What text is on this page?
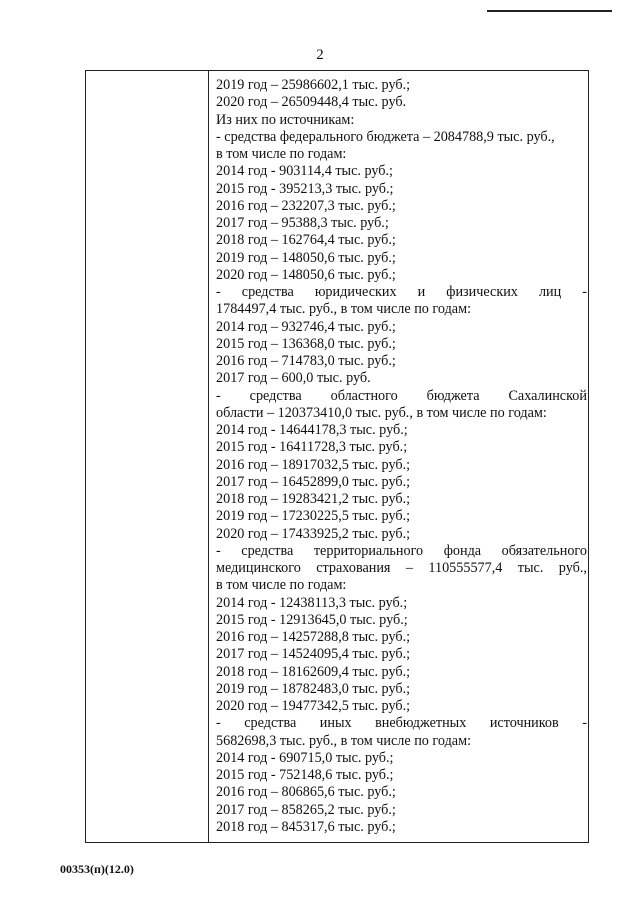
2
2019 год – 25986602,1 тыс. руб.;
2020 год – 26509448,4 тыс. руб.
Из них по источникам:
- средства федерального бюджета – 2084788,9 тыс. руб.,
в том числе по годам:
2014 год - 903114,4 тыс. руб.;
2015 год - 395213,3 тыс. руб.;
2016 год – 232207,3 тыс. руб.;
2017 год – 95388,3 тыс. руб.;
2018 год – 162764,4 тыс. руб.;
2019 год – 148050,6 тыс. руб.;
2020 год – 148050,6 тыс. руб.;
- средства юридических и физических лиц -
1784497,4 тыс. руб., в том числе по годам:
2014 год – 932746,4 тыс. руб.;
2015 год – 136368,0 тыс. руб.;
2016 год – 714783,0 тыс. руб.;
2017 год – 600,0 тыс. руб.
- средства областного бюджета Сахалинской
области – 120373410,0 тыс. руб., в том числе по годам:
2014 год - 14644178,3 тыс. руб.;
2015 год - 16411728,3 тыс. руб.;
2016 год – 18917032,5 тыс. руб.;
2017 год – 16452899,0 тыс. руб.;
2018 год – 19283421,2 тыс. руб.;
2019 год – 17230225,5 тыс. руб.;
2020 год – 17433925,2 тыс. руб.;
- средства территориального фонда обязательного
медицинского страхования – 110555577,4 тыс. руб.,
в том числе по годам:
2014 год - 12438113,3 тыс. руб.;
2015 год - 12913645,0 тыс. руб.;
2016 год – 14257288,8 тыс. руб.;
2017 год – 14524095,4 тыс. руб.;
2018 год – 18162609,4 тыс. руб.;
2019 год – 18782483,0 тыс. руб.;
2020 год – 19477342,5 тыс. руб.;
- средства иных внебюджетных источников -
5682698,3 тыс. руб., в том числе по годам:
2014 год - 690715,0 тыс. руб.;
2015 год - 752148,6 тыс. руб.;
2016 год – 806865,6 тыс. руб.;
2017 год – 858265,2 тыс. руб.;
2018 год – 845317,6 тыс. руб.;
00353(п)(12.0)
